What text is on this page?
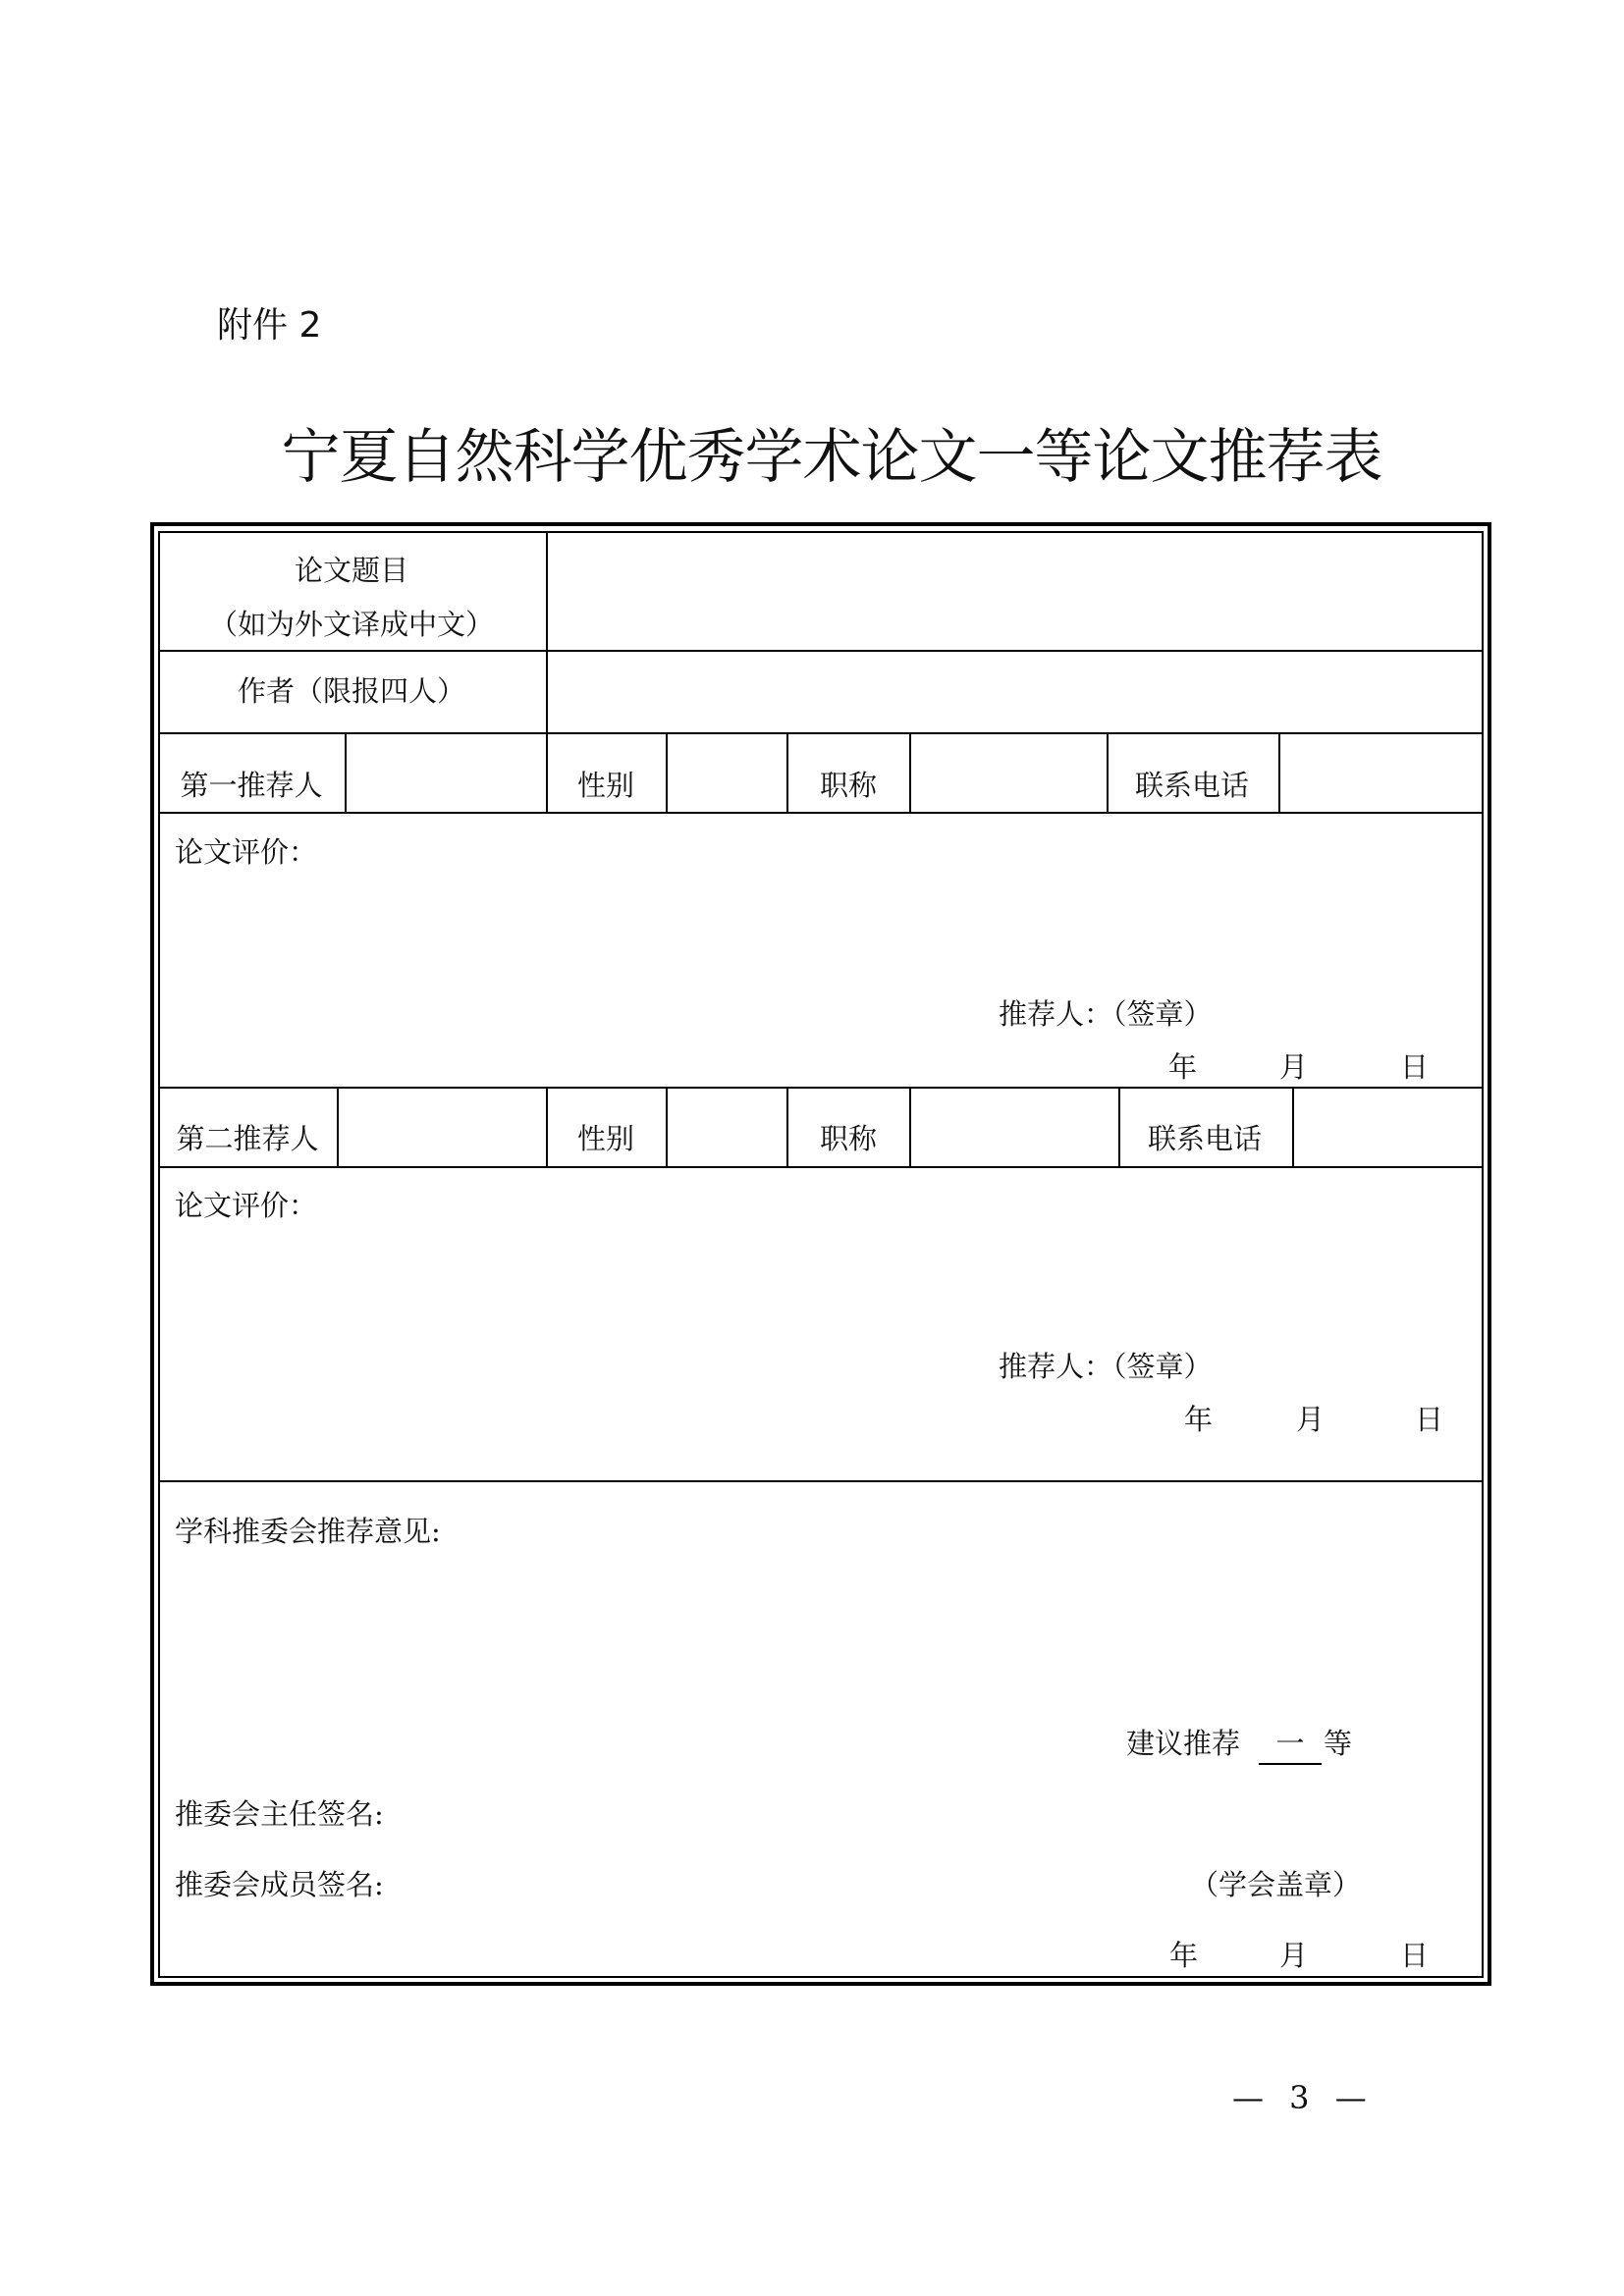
附件 2
宁夏自然科学优秀学术论文一等论文推荐表
论文题目
（如为外文译成中文）
作者（限报四人）
第一推荐人	性别	职称	联系电话
论文评价：
推荐人：（签章）
年	月	日
第二推荐人	性别	职称	联系电话
论文评价：
推荐人：（签章）
年	月	日
学科推委会推荐意见:
建议推荐 一 等
推委会主任签名:
推委会成员签名:	（学会盖章）
年	月	日
— 3 —
